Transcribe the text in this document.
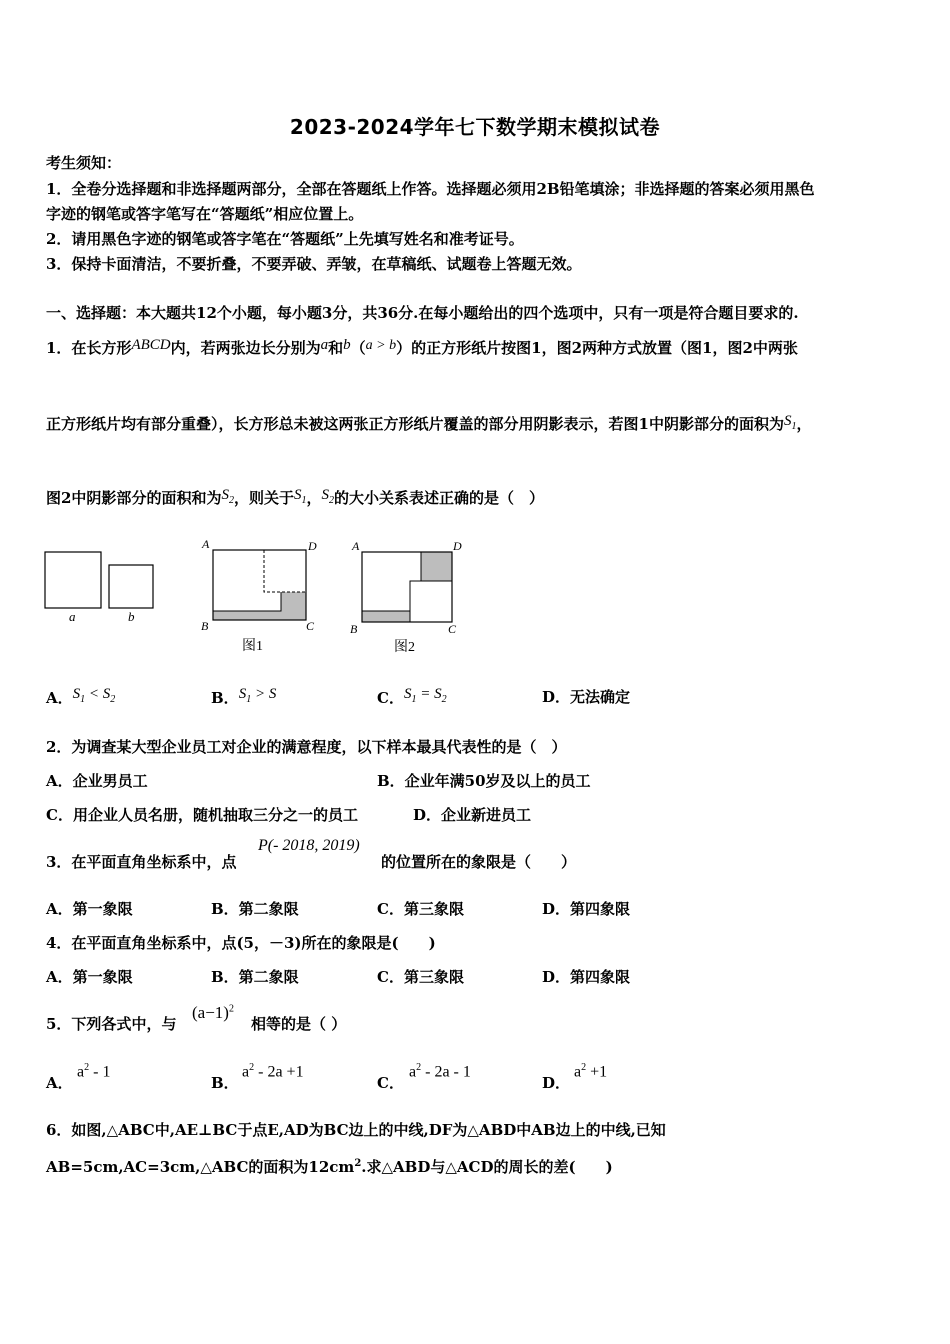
2023-2024学年七下数学期末模拟试卷
考生须知：
1．全卷分选择题和非选择题两部分，全部在答题纸上作答。选择题必须用2B铅笔填涂；非选择题的答案必须用黑色
字迹的钢笔或答字笔写在“答题纸”相应位置上。
2．请用黑色字迹的钢笔或答字笔在“答题纸”上先填写姓名和准考证号。
3．保持卡面清洁，不要折叠，不要弄破、弄皱，在草稿纸、试题卷上答题无效。
一、选择题：本大题共12个小题，每小题3分，共36分.在每小题给出的四个选项中，只有一项是符合题目要求的.
1．在长方形ABCD内，若两张边长分别为a和b（a > b）的正方形纸片按图1，图2两种方式放置（图1，图2中两张
正方形纸片均有部分重叠），长方形总未被这两张正方形纸片覆盖的部分用阴影表示，若图1中阴影部分的面积为$S_1$，
图2中阴影部分的面积和为$S_2$，则关于$S_1$，$S_2$的大小关系表述正确的是（　）
a	b
A	D
B	C
图1
A	D
B	C
图2
A．$S_1 < S_2$	B．$S_1 > S$	C．$S_1 = S_2$	D．无法确定
2．为调查某大型企业员工对企业的满意程度，以下样本最具代表性的是（　）
A．企业男员工	B．企业年满50岁及以上的员工
C．用企业人员名册，随机抽取三分之一的员工	D．企业新进员工
3．在平面直角坐标系中，点
P(- 2018, 2019)
的位置所在的象限是（　　）
A．第一象限	B．第二象限	C．第三象限	D．第四象限
4．在平面直角坐标系中，点(5，－3)所在的象限是(　　)
A．第一象限	B．第二象限	C．第三象限	D．第四象限
5．下列各式中，与
$(a-1)^2$
相等的是（ ）
A．
$a^2 - 1$
B．
$a^2 - 2a +1$
C．
$a^2 - 2a - 1$
D．
$a^2 +1$
6．如图,△ABC中,AE⊥BC于点E,AD为BC边上的中线,DF为△ABD中AB边上的中线,已知
AB=5cm,AC=3cm,△ABC的面积为$12cm^2$.求△ABD与△ACD的周长的差(　　)
